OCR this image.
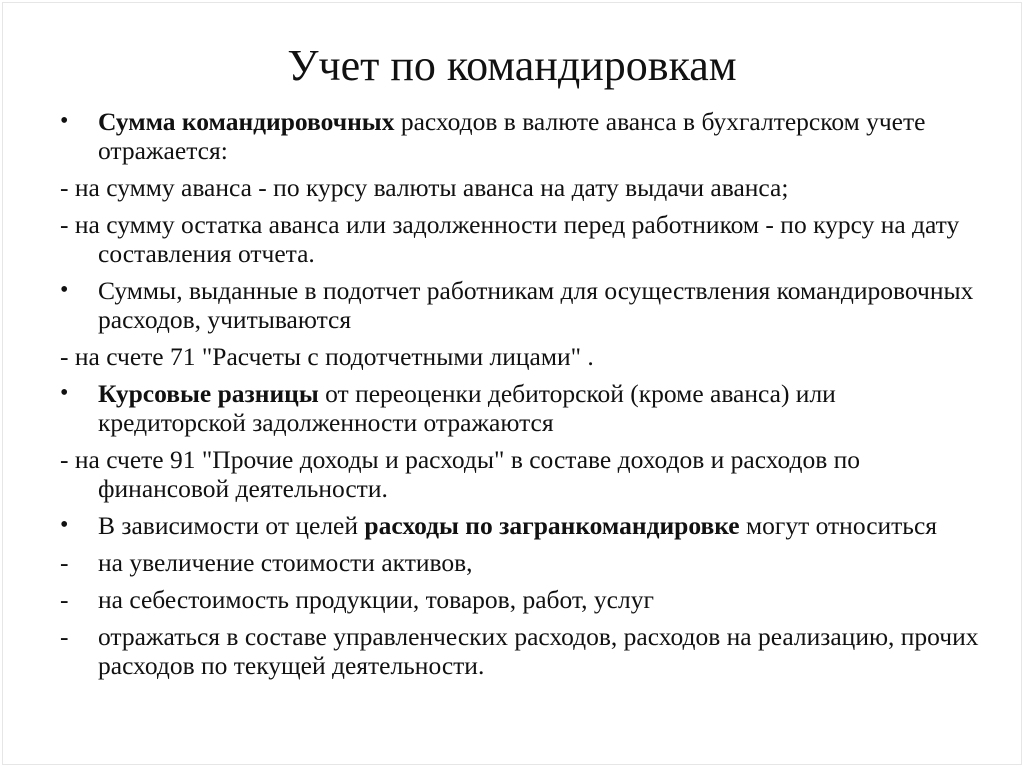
Учет по командировкам
• Сумма командировочных расходов в валюте аванса в бухгалтерском учете отражается:
- на сумму аванса - по курсу валюты аванса на дату выдачи аванса;
- на сумму остатка аванса или задолженности перед работником - по курсу на дату составления отчета.
• Суммы, выданные в подотчет работникам для осуществления командировочных расходов, учитываются
- на счете 71 "Расчеты с подотчетными лицами" .
• Курсовые разницы от переоценки дебиторской (кроме аванса) или кредиторской задолженности отражаются
- на счете 91 "Прочие доходы и расходы" в составе доходов и расходов по финансовой деятельности.
• В зависимости от целей расходы по загранкомандировке могут относиться
- на увеличение стоимости активов,
- на себестоимость продукции, товаров, работ, услуг
- отражаться в составе управленческих расходов, расходов на реализацию, прочих расходов по текущей деятельности.
